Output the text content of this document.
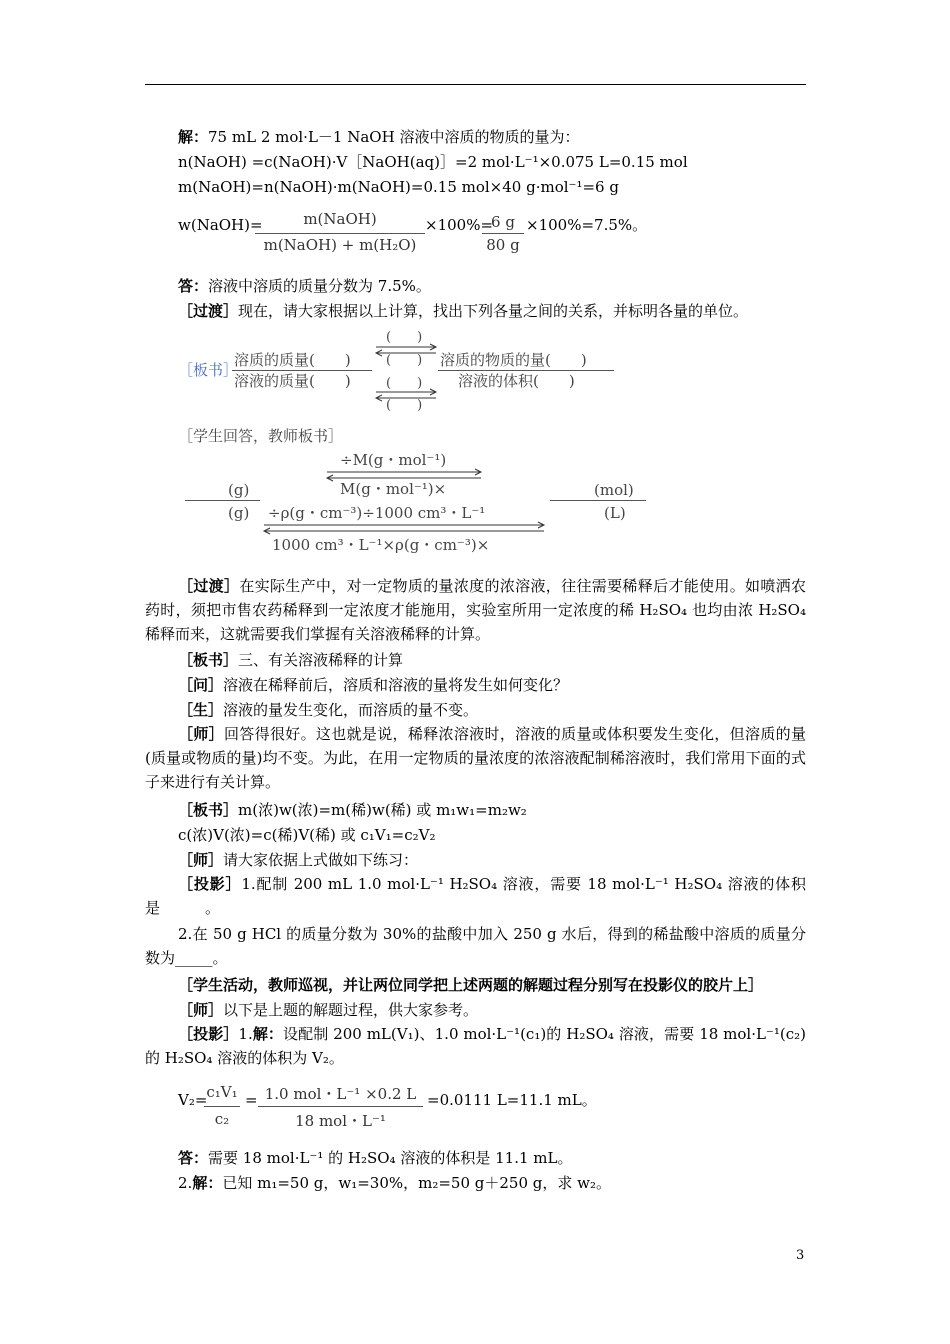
解：75 mL 2 mol·L－1 NaOH 溶液中溶质的物质的量为：
n(NaOH) =c(NaOH)·V［NaOH(aq)］=2 mol·L⁻¹×0.075 L=0.15 mol
m(NaOH)=n(NaOH)·m(NaOH)=0.15 mol×40 g·mol⁻¹=6 g
w(NaOH)=	m(NaOH)
m(NaOH) + m(H₂O)
×100%=
6 g
80 g
×100%=7.5%。
答：溶液中溶质的质量分数为 7.5%。
［过渡］现在，请大家根据以上计算，找出下列各量之间的关系，并标明各量的单位。
［板书］
溶质的质量(　　)
溶液的质量(　　)
(　　)
(　　)
(　　)
(　　)
溶质的物质的量(　　)
溶液的体积(　　)
［学生回答，教师板书］
(g)
(g)
÷M(g・mol⁻¹)
M(g・mol⁻¹)×
÷ρ(g・cm⁻³)÷1000 cm³・L⁻¹
1000 cm³・L⁻¹×ρ(g・cm⁻³)×
(mol)
(L)
［过渡］在实际生产中，对一定物质的量浓度的浓溶液，往往需要稀释后才能使用。如喷洒农药时，须把市售农药稀释到一定浓度才能施用，实验室所用一定浓度的稀 H₂SO₄ 也均由浓 H₂SO₄ 稀释而来，这就需要我们掌握有关溶液稀释的计算。
［板书］三、有关溶液稀释的计算
［问］溶液在稀释前后，溶质和溶液的量将发生如何变化？
［生］溶液的量发生变化，而溶质的量不变。
［师］回答得很好。这也就是说，稀释浓溶液时，溶液的质量或体积要发生变化，但溶质的量(质量或物质的量)均不变。为此，在用一定物质的量浓度的浓溶液配制稀溶液时，我们常用下面的式子来进行有关计算。
［板书］m(浓)w(浓)=m(稀)w(稀) 或 m₁w₁=m₂w₂
c(浓)V(浓)=c(稀)V(稀) 或 c₁V₁=c₂V₂
［师］请大家依据上式做如下练习：
［投影］1.配制 200 mL 1.0 mol·L⁻¹ H₂SO₄ 溶液，需要 18 mol·L⁻¹ H₂SO₄ 溶液的体积是　　　。
2.在 50 g HCl 的质量分数为 30%的盐酸中加入 250 g 水后，得到的稀盐酸中溶质的质量分数为_____。
［学生活动，教师巡视，并让两位同学把上述两题的解题过程分别写在投影仪的胶片上］
［师］以下是上题的解题过程，供大家参考。
［投影］1.解：设配制 200 mL(V₁)、1.0 mol·L⁻¹(c₁)的 H₂SO₄ 溶液，需要 18 mol·L⁻¹(c₂)的 H₂SO₄ 溶液的体积为 V₂。
V₂=
c₁V₁
c₂
= 1.0 mol・L⁻¹ ×0.2 L
18 mol・L⁻¹
=0.0111 L=11.1 mL。
答：需要 18 mol·L⁻¹ 的 H₂SO₄ 溶液的体积是 11.1 mL。
2.解：已知 m₁=50 g，w₁=30%，m₂=50 g＋250 g，求 w₂。
3
